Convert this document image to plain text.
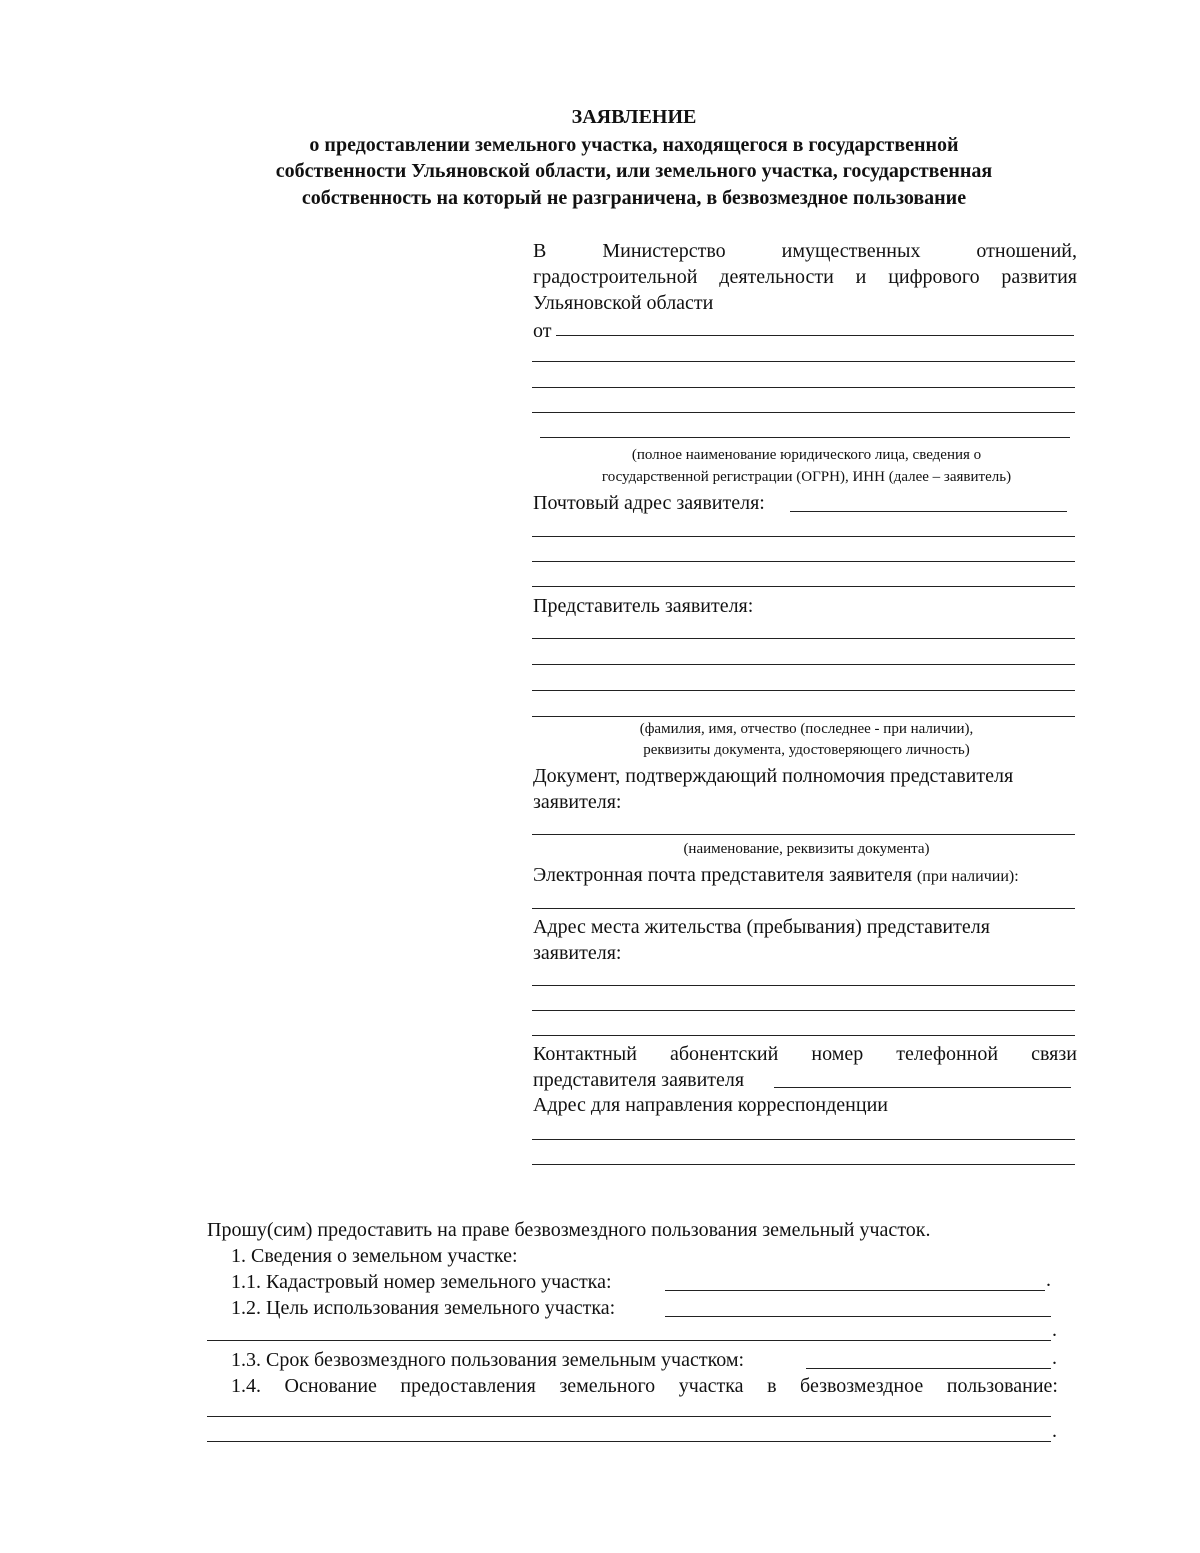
ЗАЯВЛЕНИЕ
о предоставлении земельного участка, находящегося в государственной
собственности Ульяновской области, или земельного участка, государственная
собственность на который не разграничена, в безвозмездное пользование
В Министерство имущественных отношений,
градостроительной деятельности и цифрового развития
Ульяновской области
от
(полное наименование юридического лица, сведения о
государственной регистрации (ОГРН), ИНН (далее – заявитель)
Почтовый адрес заявителя:
Представитель заявителя:
(фамилия, имя, отчество (последнее - при наличии),
реквизиты документа, удостоверяющего личность)
Документ, подтверждающий полномочия представителя
заявителя:
(наименование, реквизиты документа)
Электронная почта представителя заявителя (при наличии):
Адрес места жительства (пребывания) представителя
заявителя:
Контактный абонентский номер телефонной связи
представителя заявителя
Адрес для направления корреспонденции
Прошу(сим) предоставить на праве безвозмездного пользования земельный участок.
1. Сведения о земельном участке:
1.1. Кадастровый номер земельного участка:	.
1.2. Цель использования земельного участка:
.
1.3. Срок безвозмездного пользования земельным участком:	.
1.4. Основание предоставления земельного участка в безвозмездное пользование:
.
